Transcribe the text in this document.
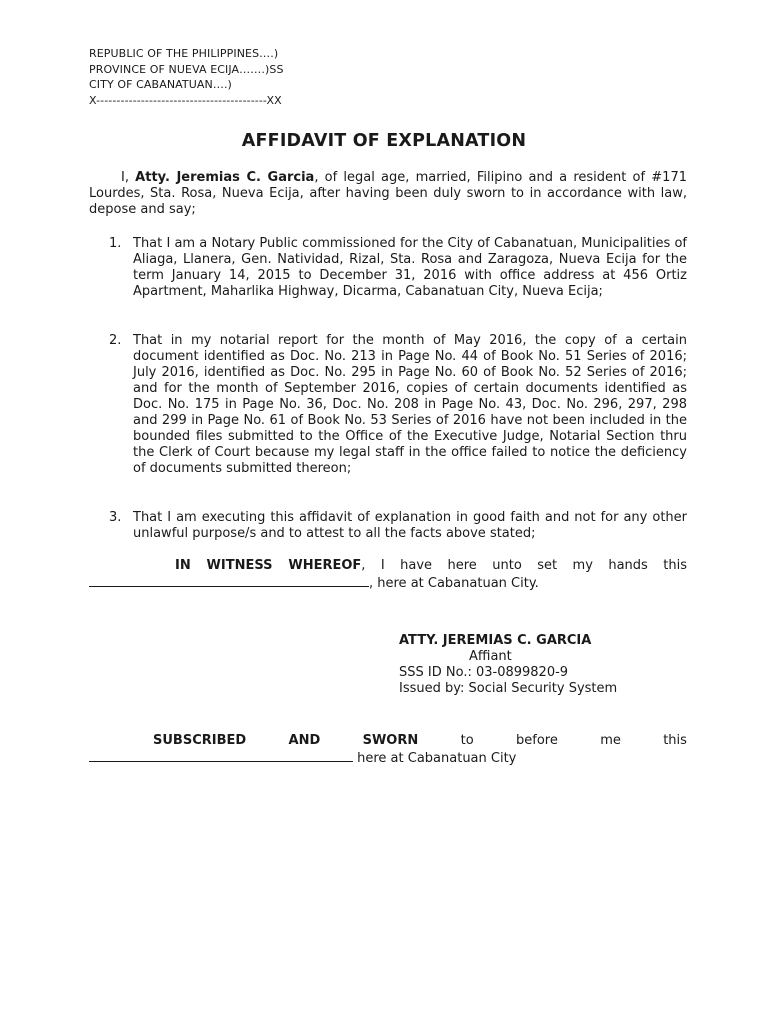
REPUBLIC OF THE PHILIPPINES….)
PROVINCE OF NUEVA ECIJA…….)SS
CITY OF CABANATUAN….)
X------------------------------------------XX
AFFIDAVIT OF EXPLANATION
I, Atty. Jeremias C. Garcia, of legal age, married, Filipino and a resident of #171 Lourdes, Sta. Rosa, Nueva Ecija, after having been duly sworn to in accordance with law, depose and say;
1. That I am a Notary Public commissioned for the City of Cabanatuan, Municipalities of Aliaga, Llanera, Gen. Natividad, Rizal, Sta. Rosa and Zaragoza, Nueva Ecija for the term January 14, 2015 to December 31, 2016 with office address at 456 Ortiz Apartment, Maharlika Highway, Dicarma, Cabanatuan City, Nueva Ecija;
2. That in my notarial report for the month of May 2016, the copy of a certain document identified as Doc. No. 213 in Page No. 44 of Book No. 51 Series of 2016; July 2016, identified as Doc. No. 295 in Page No. 60 of Book No. 52 Series of 2016; and for the month of September 2016, copies of certain documents identified as Doc. No. 175 in Page No. 36, Doc. No. 208 in Page No. 43, Doc. No. 296, 297, 298 and 299 in Page No. 61 of Book No. 53 Series of 2016 have not been included in the bounded files submitted to the Office of the Executive Judge, Notarial Section thru the Clerk of Court because my legal staff in the office failed to notice the deficiency of documents submitted thereon;
3. That I am executing this affidavit of explanation in good faith and not for any other unlawful purpose/s and to attest to all the facts above stated;
IN WITNESS WHEREOF, I have here unto set my hands this
, here at Cabanatuan City.
ATTY. JEREMIAS C. GARCIA
Affiant
SSS ID No.: 03-0899820-9
Issued by: Social Security System
SUBSCRIBED	AND	SWORN	to	before	me	this
here at Cabanatuan City
